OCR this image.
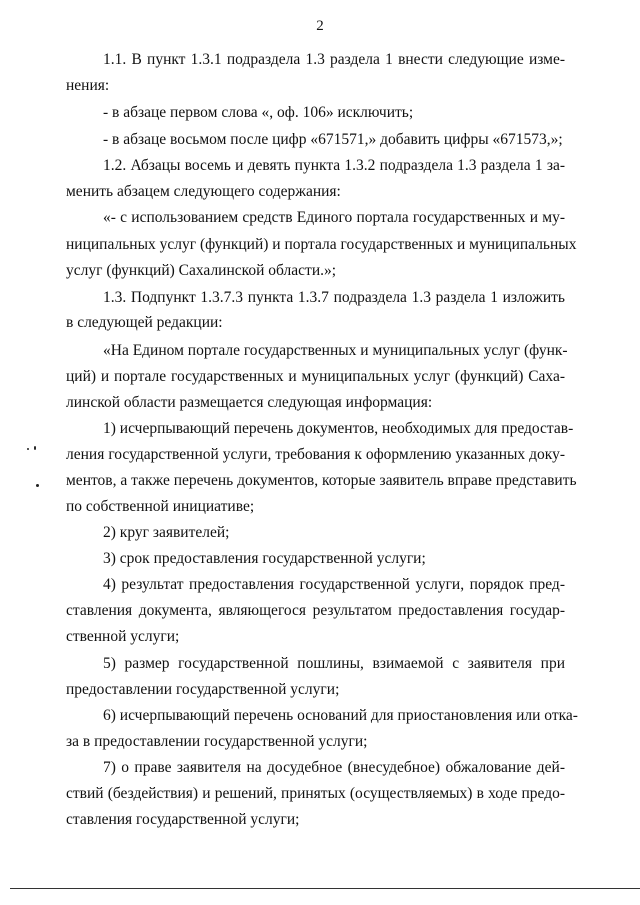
2
1.1. В пункт 1.3.1 подраздела 1.3 раздела 1 внести следующие изме-
нения:
- в абзаце первом слова «, оф. 106» исключить;
- в абзаце восьмом после цифр «671571,» добавить цифры «671573,»;
1.2. Абзацы восемь и девять пункта 1.3.2 подраздела 1.3 раздела 1 за-
менить абзацем следующего содержания:
«- с использованием средств Единого портала государственных и му-
ниципальных услуг (функций) и портала государственных и муниципальных
услуг (функций) Сахалинской области.»;
1.3. Подпункт 1.3.7.3 пункта 1.3.7 подраздела 1.3 раздела 1 изложить
в следующей редакции:
«На Едином портале государственных и муниципальных услуг (функ-
ций) и портале государственных и муниципальных услуг (функций) Саха-
линской области размещается следующая информация:
1) исчерпывающий перечень документов, необходимых для предостав-
ления государственной услуги, требования к оформлению указанных доку-
ментов, а также перечень документов, которые заявитель вправе представить
по собственной инициативе;
2) круг заявителей;
3) срок предоставления государственной услуги;
4) результат предоставления государственной услуги, порядок пред-
ставления документа, являющегося результатом предоставления государ-
ственной услуги;
5) размер государственной пошлины, взимаемой с заявителя при
предоставлении государственной услуги;
6) исчерпывающий перечень оснований для приостановления или отка-
за в предоставлении государственной услуги;
7) о праве заявителя на досудебное (внесудебное) обжалование дей-
ствий (бездействия) и решений, принятых (осуществляемых) в ходе предо-
ставления государственной услуги;
